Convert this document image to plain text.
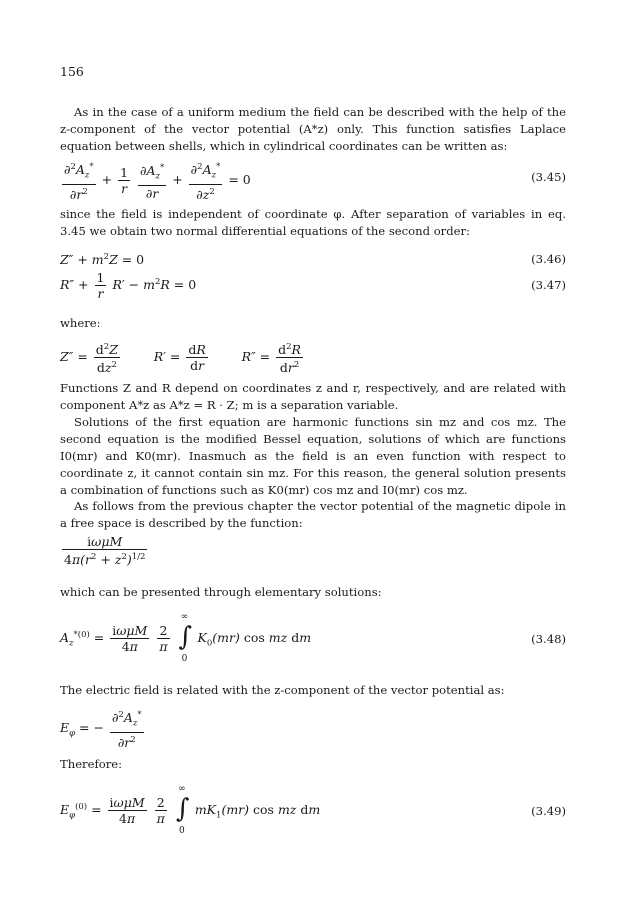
156

As in the case of a uniform medium the field can be described with the help of the z-component of the vector potential (A*z) only. This function satisfies Laplace equation between shells, which in cylindrical coordinates can be written as:

$\frac{\partial^2A_z^*}{\partial r^2} + \frac{1}{r}$
$\frac{\partial A_z^*}{\partial r} + \frac{\partial^2A_z^*}{\partial z^2} = 0$	(3.45)

since the field is independent of coordinate φ. After separation of variables in eq. 3.45 we obtain two normal differential equations of the second order:

$Z'' + m^2Z = 0$	(3.46)
$R'' + \frac{1}{r} R' - m^2R = 0$	(3.47)

where:

$Z'' = \frac{d^2Z}{dz^2} R' = \frac{dR}{dr} R'' = \frac{d^2R}{dr^2}$

Functions Z and R depend on coordinates z and r, respectively, and are related with component A*z as A*z = R · Z; m is a separation variable.

Solutions of the first equation are harmonic functions sin mz and cos mz. The second equation is the modified Bessel equation, solutions of which are functions I0(mr) and K0(mr). Inasmuch as the field is an even function with respect to coordinate z, it cannot contain sin mz. For this reason, the general solution presents a combination of functions such as K0(mr) cos mz and I0(mr) cos mz.

As follows from the previous chapter the vector potential of the magnetic dipole in a free space is described by the function:

$\frac{\text{iωμM}}{4\pi(r^2 + z^2)^{1/2}}$

which can be presented through elementary solutions:

$A_z^{*(0)} = \frac{\text{iωμM}}{4\pi}$
$\frac{2}{\pi}$

∞
∫
0
$K_0(mr)$ cos mz dm	(3.48)

The electric field is related with the z-component of the vector potential as:

$E_\varphi$ = − $\frac{\partial^2A_z^*}{\partial r^2}$

Therefore:

$E_\varphi^{(0)} = \frac{\text{iωμM}}{4\pi}$
$\frac{2}{\pi}$

∞
∫
0
$mK_1(mr)$ cos mz dm	(3.49)
